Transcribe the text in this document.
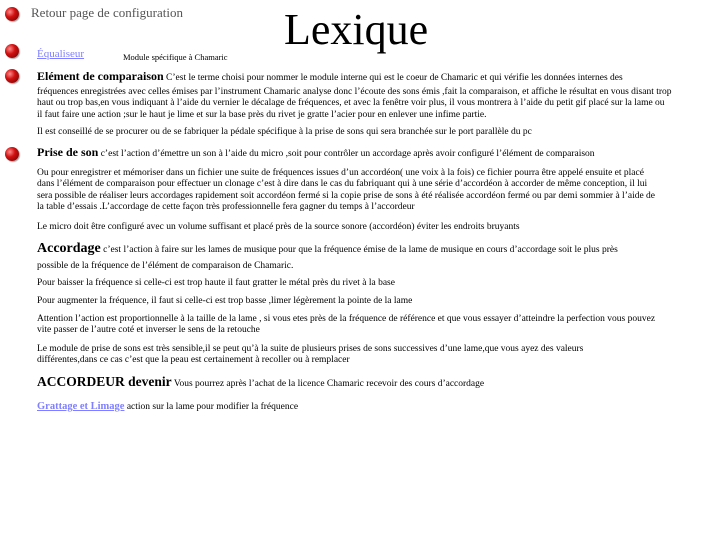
Retour page de configuration
Équaliseur	Module spécifique à Chamaric
Lexique
Elément de comparaison C’est le terme choisi pour nommer le module interne qui est le coeur de Chamaric et qui vérifie les données internes des
fréquences enregistrées avec celles émises par l’instrument Chamaric analyse donc l’écoute des sons émis ,fait la comparaison, et affiche le résultat en vous disant trop haut ou trop bas,en vous indiquant à l’aide du vernier le décalage de fréquences, et avec la fenêtre voir plus, il vous montrera à l’aide du petit gif placé sur la lame ou il faut faire une action ;sur le haut je lime et sur la base près du rivet je gratte l’acier pour en enlever une infime partie.
Il est conseillé de se procurer ou de se fabriquer la pédale spécifique à la prise de sons qui sera branchée sur le port parallèle du pc
Prise de son c’est l’action d’émettre un son à l’aide du micro ,soit pour contrôler un accordage après avoir configuré l’élément de comparaison
Ou pour enregistrer et mémoriser dans un fichier une suite de fréquences issues d’un accordéon( une voix à la fois) ce fichier pourra être appelé ensuite et placé dans l’élément de comparaison pour effectuer un clonage c’est à dire dans le cas du fabriquant qui à une série d’accordéon à accorder de même conception, il lui sera possible de réaliser leurs accordages rapidement soit accordéon fermé si la copie prise de sons à été réalisée accordéon fermé ou par demi sommier à l’aide de la table d’essais .L’accordage de cette façon très professionnelle fera gagner du temps à l’accordeur
Le micro doit être configuré avec un volume suffisant et placé près de la source sonore (accordéon) éviter les endroits bruyants
Accordage c’est l’action à faire sur les lames de musique pour que la fréquence émise de la lame de musique en cours d’accordage soit le plus près
possible de la fréquence de l’élément de comparaison de Chamaric.
Pour baisser la fréquence si celle-ci est trop haute il faut gratter le métal près du rivet à la base
Pour augmenter la fréquence, il faut si celle-ci est trop basse ,limer légèrement la pointe de la lame
Attention l’action est proportionnelle à la taille de la lame , si vous etes près de la fréquence de référence et que vous essayer d’atteindre la perfection vous pouvez vite passer de l’autre coté et inverser le sens de la retouche
Le module de prise de sons est très sensible,il se peut qu’à la suite de plusieurs prises de sons successives d’une lame,que vous ayez des valeurs différentes,dans ce cas c’est que la peau est certainement à recoller ou à remplacer
ACCORDEUR devenir Vous pourrez après l’achat de la licence Chamaric recevoir des cours d’accordage
Grattage et Limage action sur la lame pour modifier la fréquence
